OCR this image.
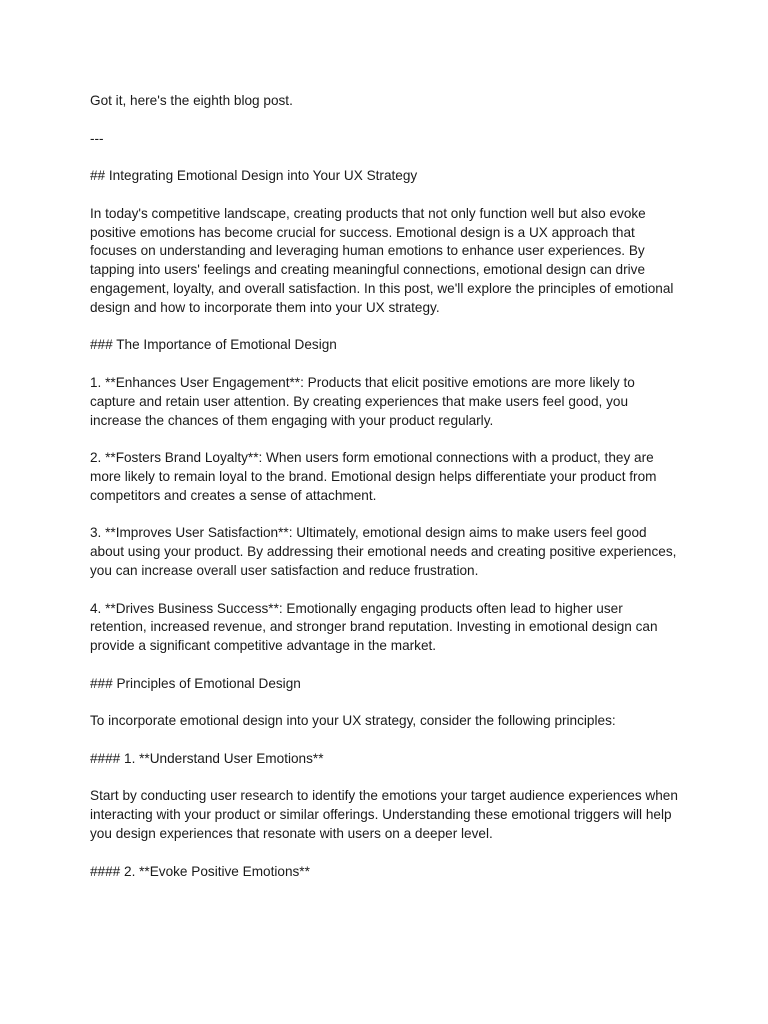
Got it, here's the eighth blog post.

---

## Integrating Emotional Design into Your UX Strategy

In today's competitive landscape, creating products that not only function well but also evoke positive emotions has become crucial for success. Emotional design is a UX approach that focuses on understanding and leveraging human emotions to enhance user experiences. By tapping into users' feelings and creating meaningful connections, emotional design can drive engagement, loyalty, and overall satisfaction. In this post, we'll explore the principles of emotional design and how to incorporate them into your UX strategy.

### The Importance of Emotional Design

1. **Enhances User Engagement**: Products that elicit positive emotions are more likely to capture and retain user attention. By creating experiences that make users feel good, you increase the chances of them engaging with your product regularly.

2. **Fosters Brand Loyalty**: When users form emotional connections with a product, they are more likely to remain loyal to the brand. Emotional design helps differentiate your product from competitors and creates a sense of attachment.

3. **Improves User Satisfaction**: Ultimately, emotional design aims to make users feel good about using your product. By addressing their emotional needs and creating positive experiences, you can increase overall user satisfaction and reduce frustration.

4. **Drives Business Success**: Emotionally engaging products often lead to higher user retention, increased revenue, and stronger brand reputation. Investing in emotional design can provide a significant competitive advantage in the market.

### Principles of Emotional Design

To incorporate emotional design into your UX strategy, consider the following principles:

#### 1. **Understand User Emotions**

Start by conducting user research to identify the emotions your target audience experiences when interacting with your product or similar offerings. Understanding these emotional triggers will help you design experiences that resonate with users on a deeper level.

#### 2. **Evoke Positive Emotions**
